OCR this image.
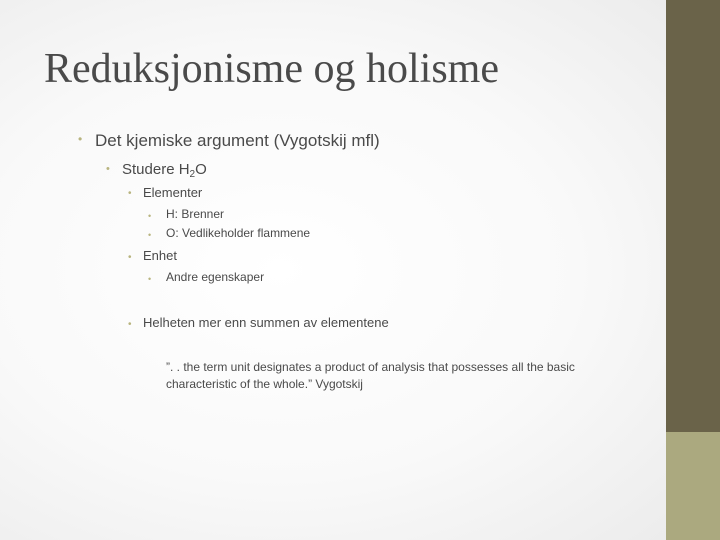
Reduksjonisme og holisme
• Det kjemiske argument (Vygotskij mfl)
• Studere $H_2O$
• Elementer
• H: Brenner
• O: Vedlikeholder flammene
• Enhet
• Andre egenskaper
• Helheten mer enn summen av elementene
”. . the term unit designates a product of analysis that possesses all the basic characteristic of the whole.” Vygotskij
